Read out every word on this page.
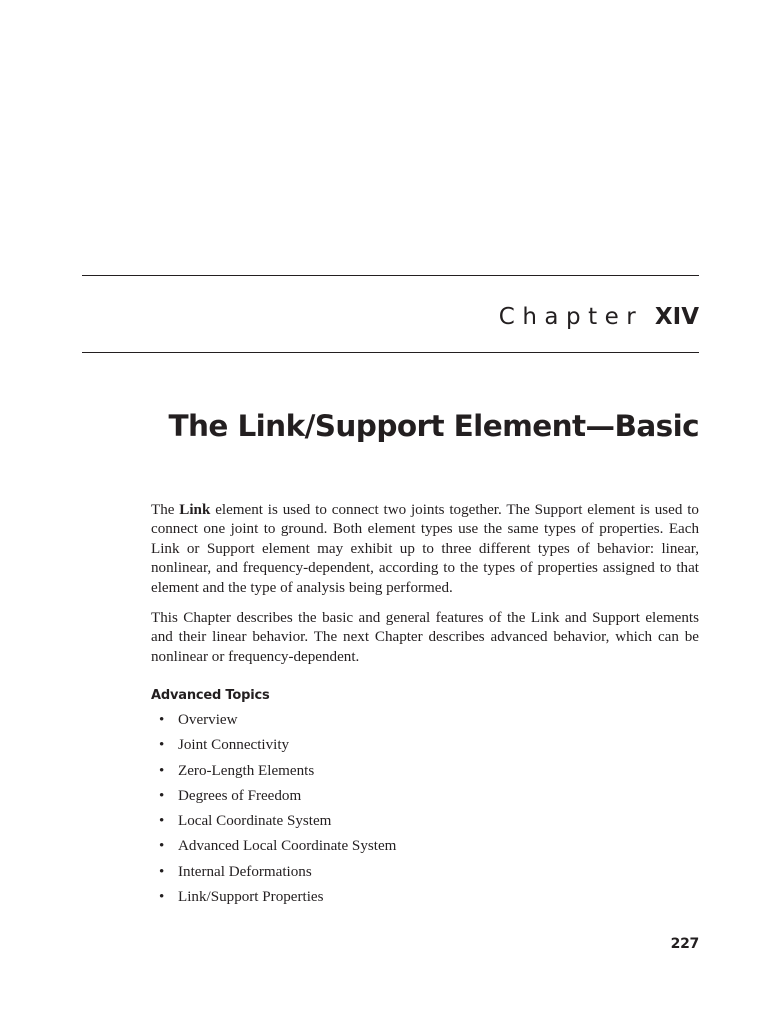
Chapter XIV
The Link/Support Element—Basic

The Link element is used to connect two joints together. The Support element is used to connect one joint to ground. Both element types use the same types of properties. Each Link or Support element may exhibit up to three different types of behavior: linear, nonlinear, and frequency-dependent, according to the types of properties assigned to that element and the type of analysis being performed.

This Chapter describes the basic and general features of the Link and Support elements and their linear behavior. The next Chapter describes advanced behavior, which can be nonlinear or frequency-dependent.

Advanced Topics
• Overview
• Joint Connectivity
• Zero-Length Elements
• Degrees of Freedom
• Local Coordinate System
• Advanced Local Coordinate System
• Internal Deformations
• Link/Support Properties
227
